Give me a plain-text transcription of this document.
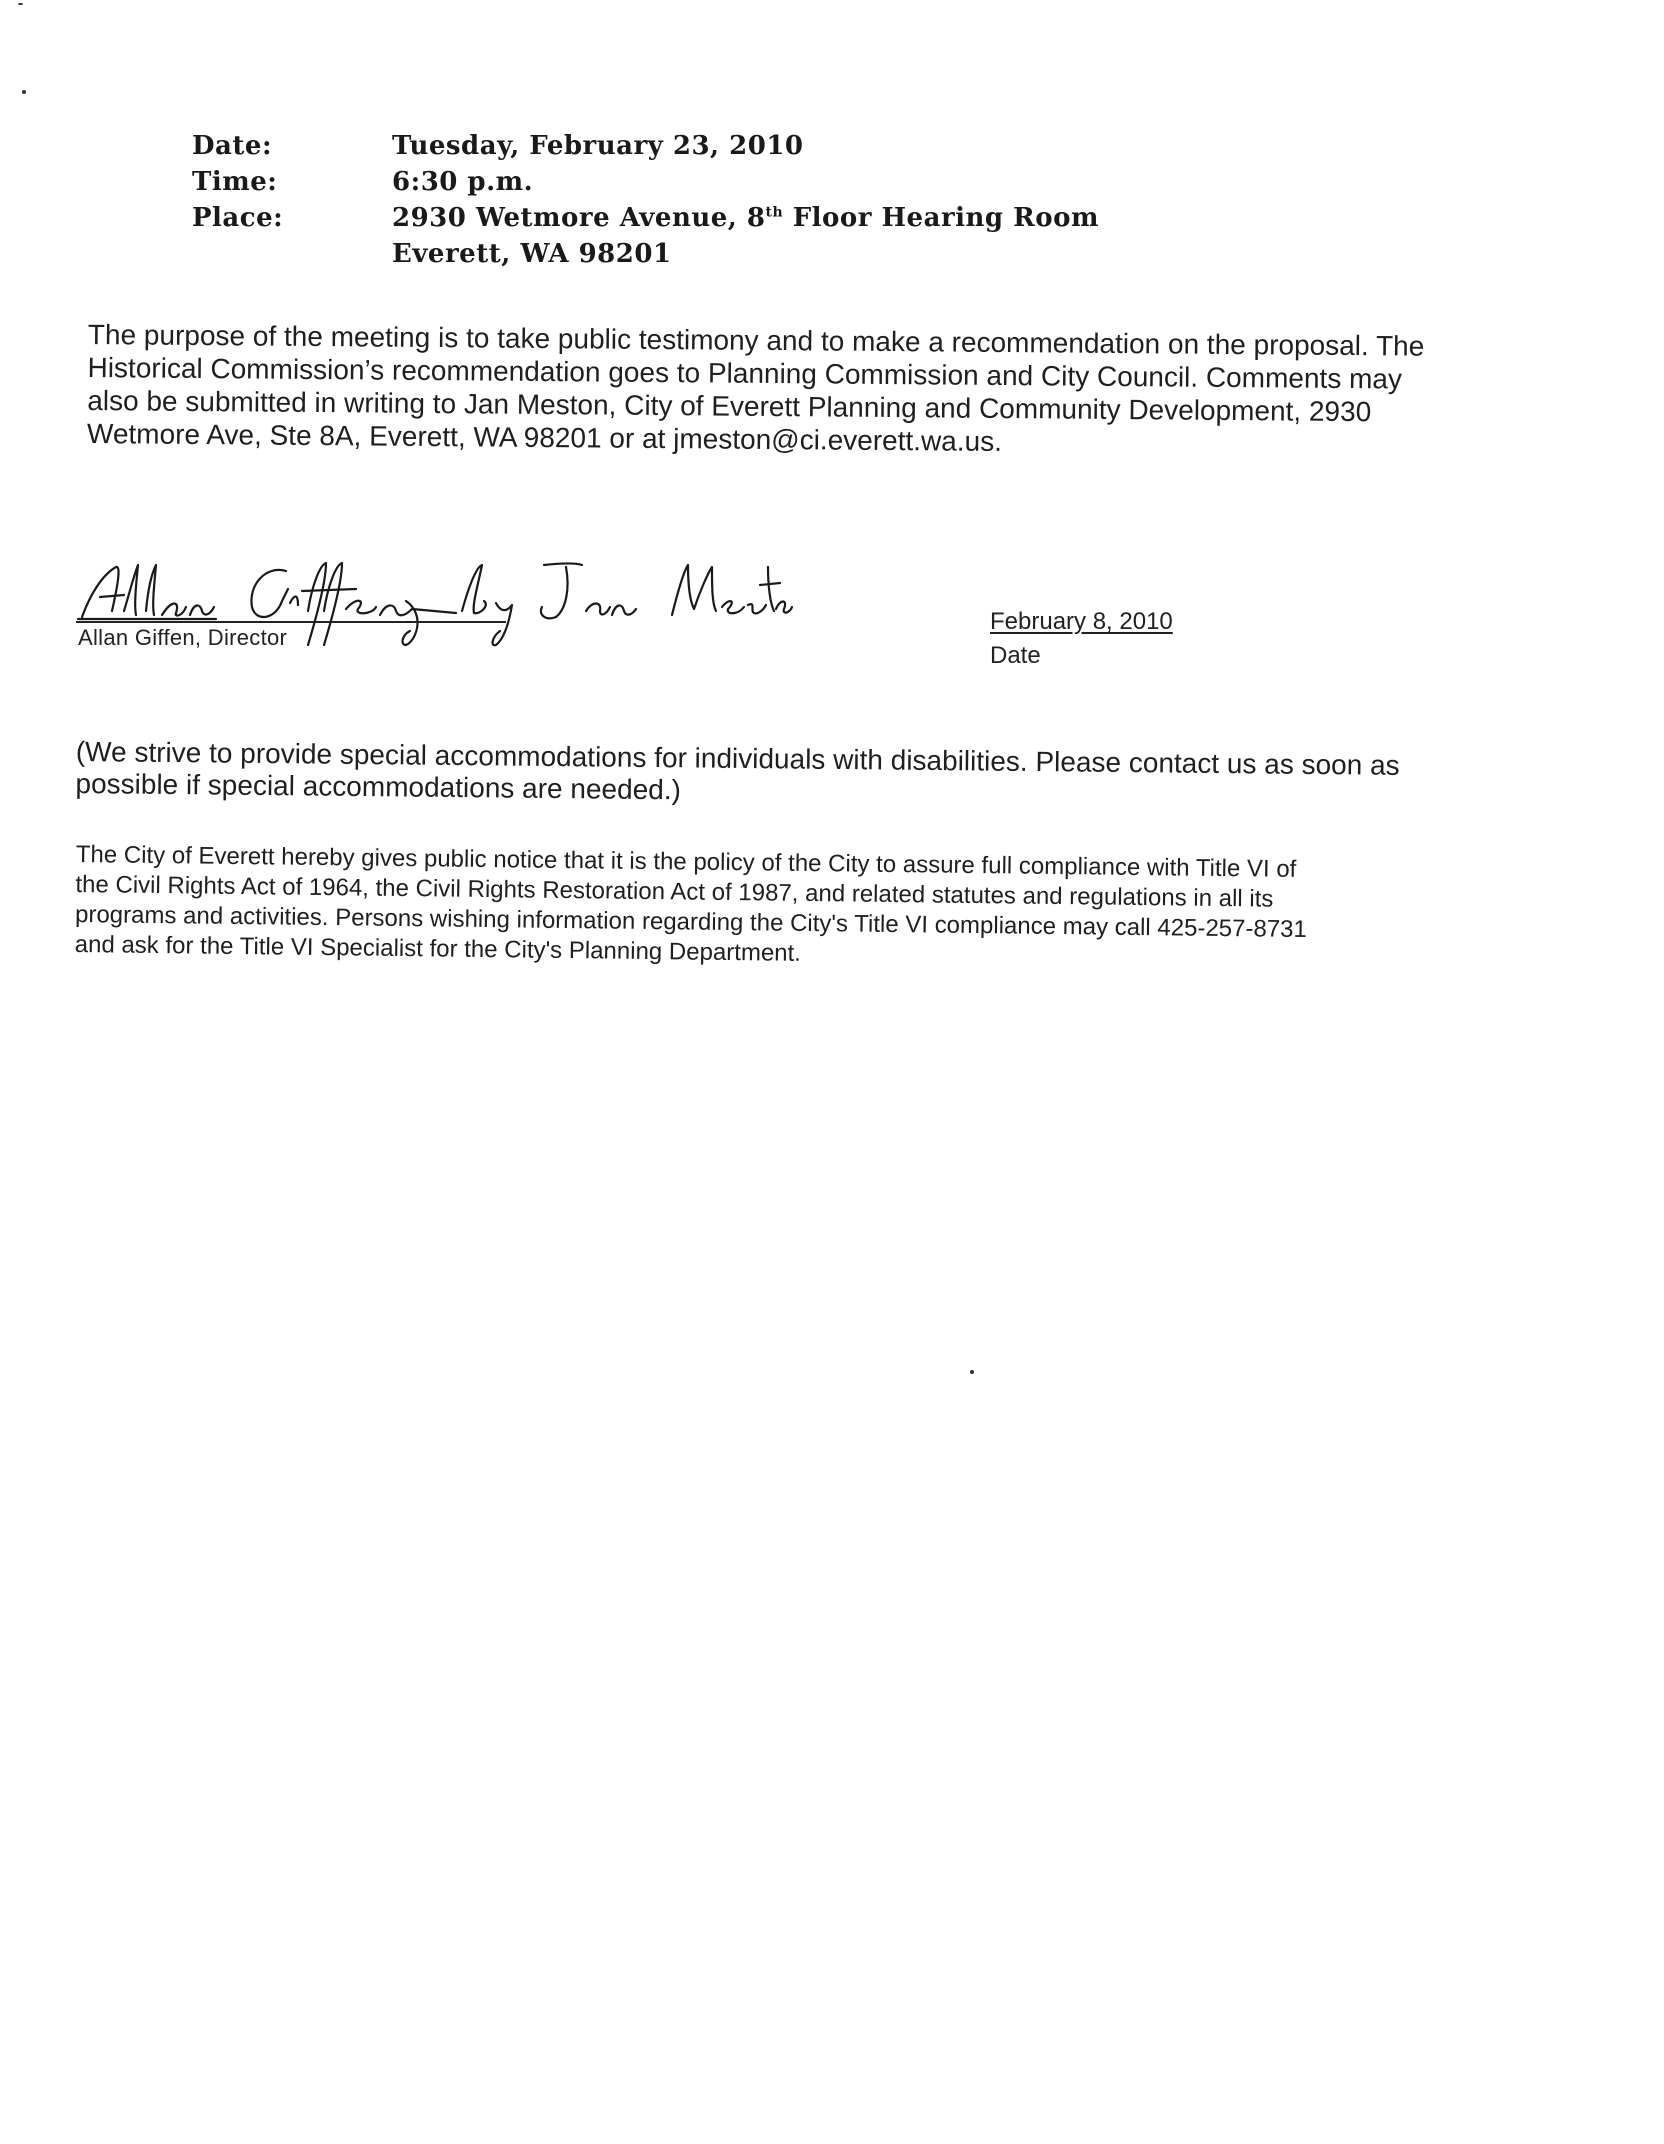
Date:	Tuesday, February 23, 2010
Time:	6:30 p.m.
Place:	2930 Wetmore Avenue, 8th Floor Hearing Room
Everett, WA 98201
The purpose of the meeting is to take public testimony and to make a recommendation on the proposal. The
Historical Commission’s recommendation goes to Planning Commission and City Council. Comments may
also be submitted in writing to Jan Meston, City of Everett Planning and Community Development, 2930
Wetmore Ave, Ste 8A, Everett, WA 98201 or at jmeston@ci.everett.wa.us.
Allan Giffen, Director
February 8, 2010
Date
(We strive to provide special accommodations for individuals with disabilities. Please contact us as soon as
possible if special accommodations are needed.)
The City of Everett hereby gives public notice that it is the policy of the City to assure full compliance with Title VI of
the Civil Rights Act of 1964, the Civil Rights Restoration Act of 1987, and related statutes and regulations in all its
programs and activities. Persons wishing information regarding the City's Title VI compliance may call 425-257-8731
and ask for the Title VI Specialist for the City's Planning Department.
